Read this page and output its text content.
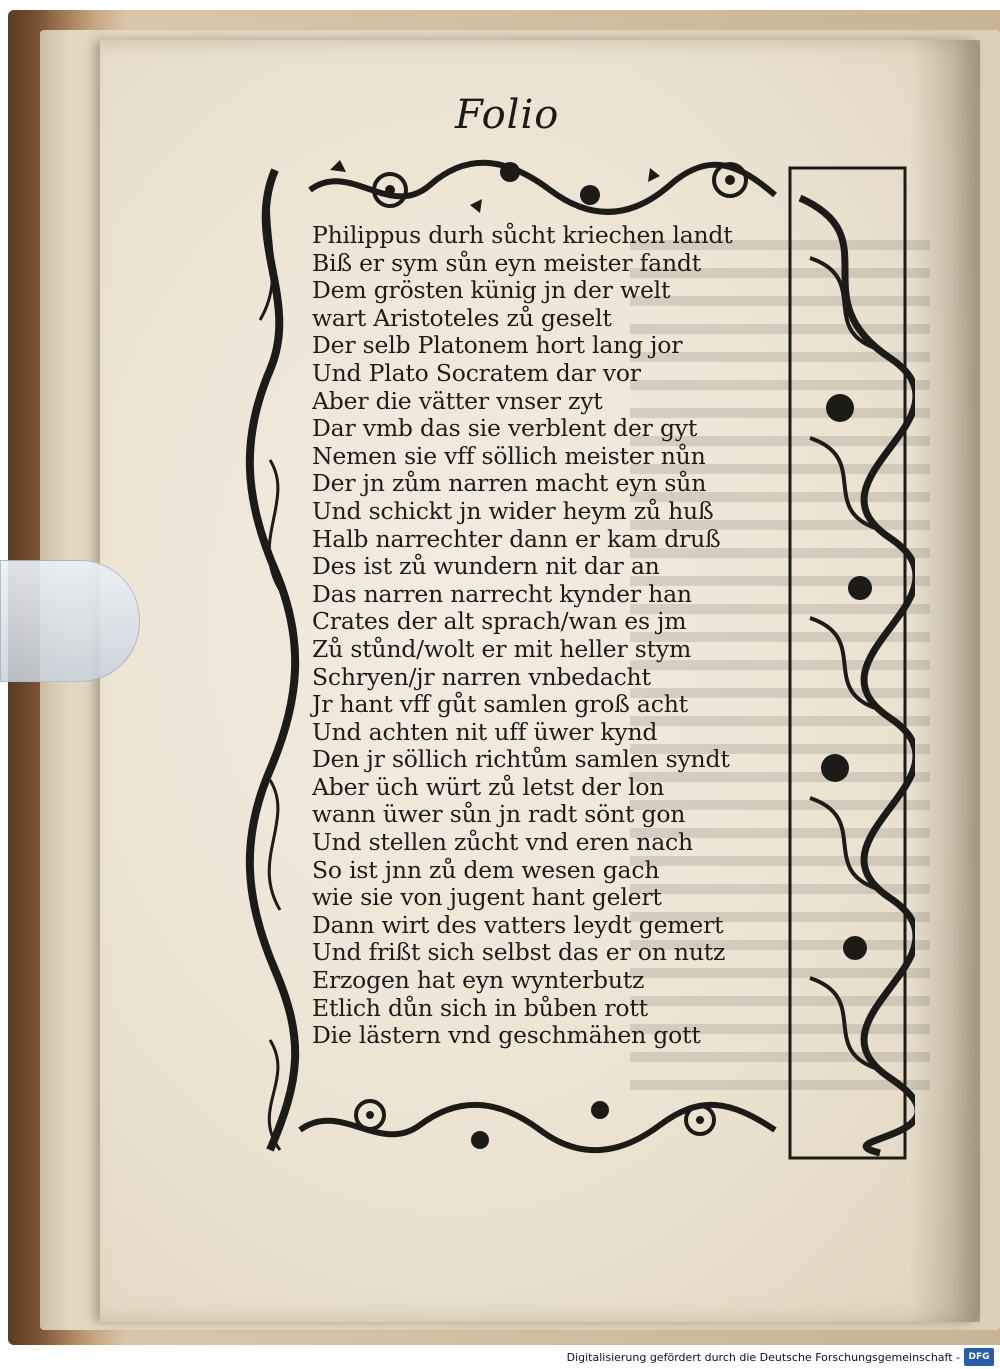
Folio
Philippus durh sůcht kriechen landt
Biß er sym sůn eyn meister fandt
Dem grösten künig jn der welt
wart Aristoteles zů geselt
Der selb Platonem hort lang jor
Und Plato Socratem dar vor
Aber die vätter vnser zyt
Dar vmb das sie verblent der gyt
Nemen sie vff söllich meister nůn
Der jn zům narren macht eyn sůn
Und schickt jn wider heym zů huß
Halb narrechter dann er kam druß
Des ist zů wundern nit dar an
Das narren narrecht kynder han
Crates der alt sprach/wan es jm
Zů stůnd/wolt er mit heller stym
Schryen/jr narren vnbedacht
Jr hant vff gůt samlen groß acht
Und achten nit uff üwer kynd
Den jr söllich richtům samlen syndt
Aber üch würt zů letst der lon
wann üwer sůn jn radt sönt gon
Und stellen zůcht vnd eren nach
So ist jnn zů dem wesen gach
wie sie von jugent hant gelert
Dann wirt des vatters leydt gemert
Und frißt sich selbst das er on nutz
Erzogen hat eyn wynterbutz
Etlich důn sich in bůben rott
Die lästern vnd geschmähen gott
Digitalisierung gefördert durch die Deutsche Forschungsgemeinschaft - DFG
